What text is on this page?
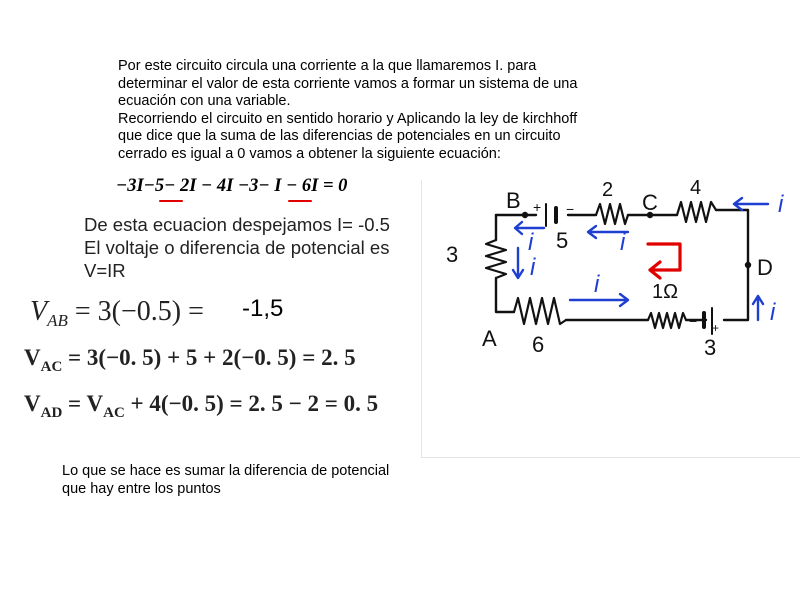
Por este circuito circula una corriente a la que llamaremos I. para
determinar el valor de esta corriente vamos a formar un sistema de una
ecuación con una variable.
Recorriendo el circuito en sentido horario y Aplicando la ley de kirchhoff
que dice que la suma de las diferencias de potenciales en un circuito
cerrado es igual a 0 vamos a obtener la siguiente ecuación:
−3I−5− 2I − 4I −3− I − 6I = 0
De esta ecuacion despejamos I= -0.5
El voltaje o diferencia de potencial es
V=IR
$V_{AB} = 3(-0.5) = -1,5$
$V_{AC} = 3(-0$. 5) + 5 + 2(−0. 5) = 2. 5
$V_{AD} = V_{AC} + 4(-0$. 5) = 2. 5 − 2 = 0. 5
Lo que se hace es sumar la diferencia de potencial
que hay entre los puntos
B	C
D
A
3
2	4
6
1Ω
5
+ −
3
+
−
i
i
i
i
i
i
